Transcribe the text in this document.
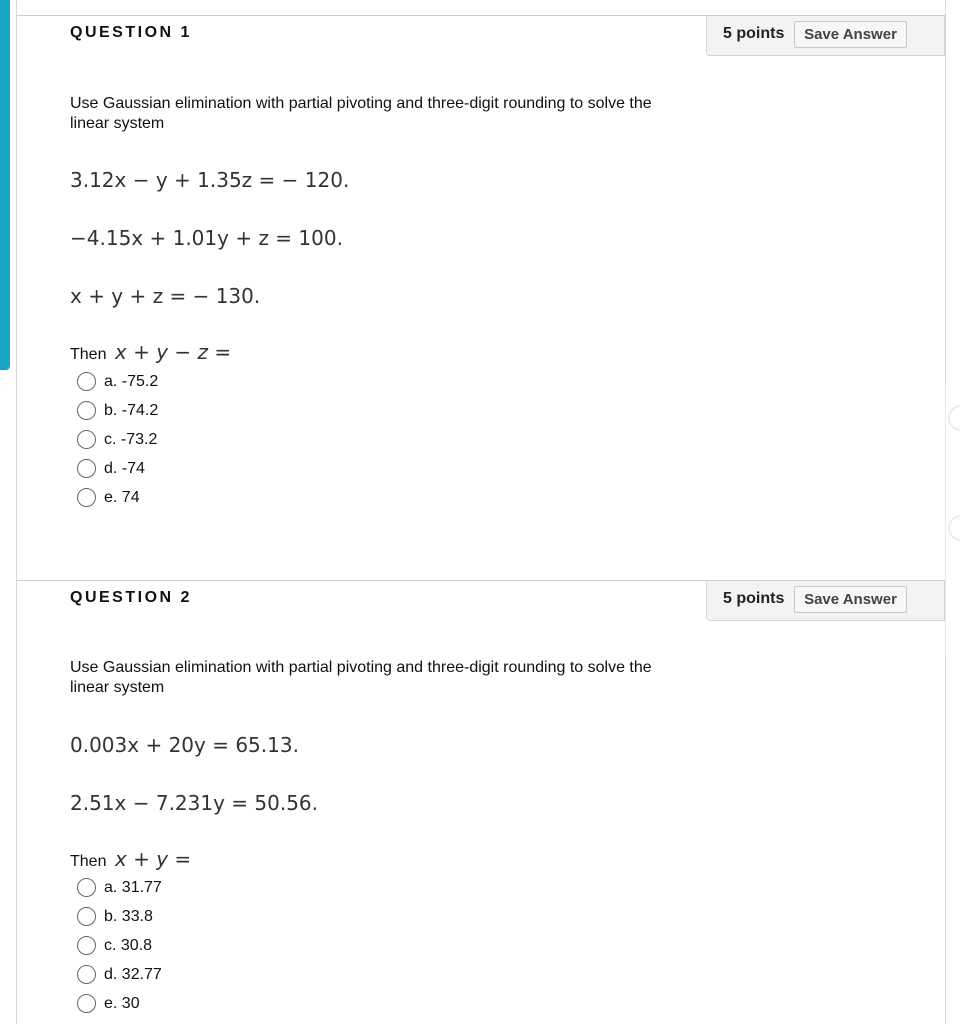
QUESTION 1	5 points	Save Answer
Use Gaussian elimination with partial pivoting and three-digit rounding to solve the linear system
3.12x − y + 1.35z = − 120.
−4.15x + 1.01y + z = 100.
x + y + z = − 130.
Then x + y − z =
a. -75.2
b. -74.2
c. -73.2
d. -74
e. 74
QUESTION 2	5 points	Save Answer
Use Gaussian elimination with partial pivoting and three-digit rounding to solve the linear system
0.003x + 20y = 65.13.
2.51x − 7.231y = 50.56.
Then x + y =
a. 31.77
b. 33.8
c. 30.8
d. 32.77
e. 30
